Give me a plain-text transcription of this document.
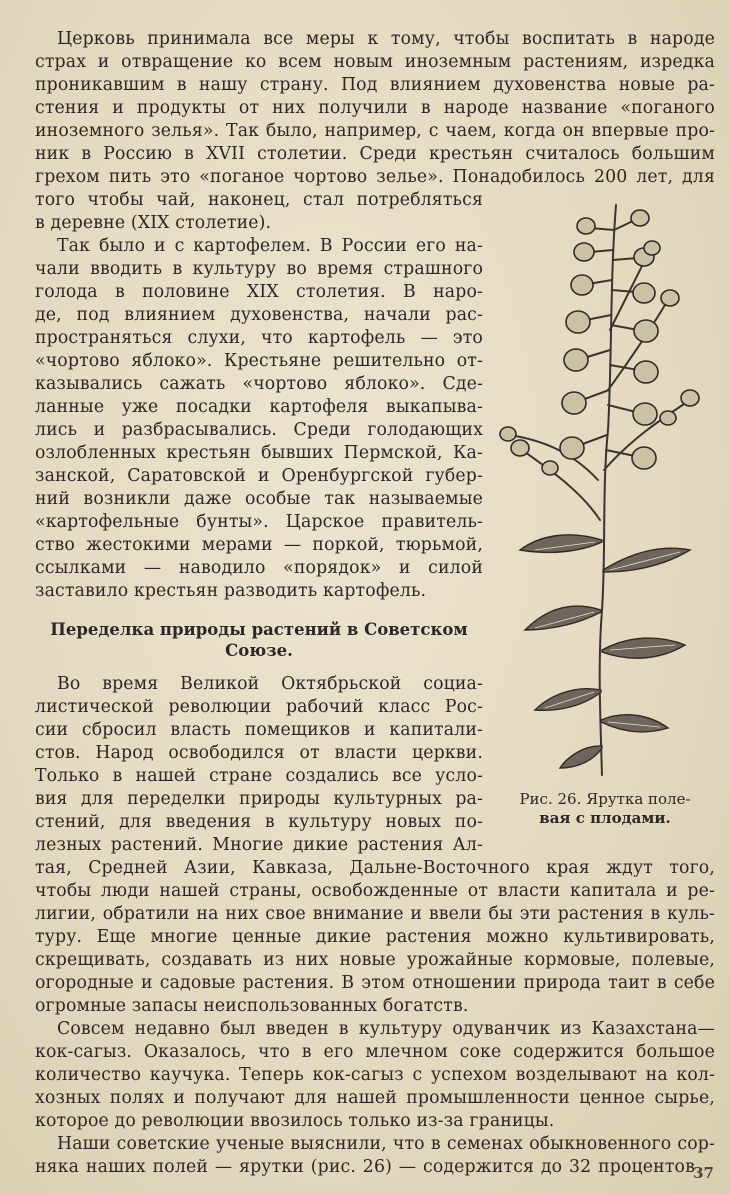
Церковь принимала все меры к тому, чтобы воспитать в народе
страх и отвращение ко всем новым иноземным растениям, изредка
проникавшим в нашу страну. Под влиянием духовенства новые ра-
стения и продукты от них получили в народе название «поганого
иноземного зелья». Так было, например, с чаем, когда он впервые про-
ник в Россию в XVII столетии. Среди крестьян считалось большим
грехом пить это «поганое чортово зелье». Понадобилось 200 лет, для
того чтобы чай, наконец, стал потребляться
в деревне (XIX столетие).
Так было и с картофелем. В России его на-
чали вводить в культуру во время страшного
голода в половине XIX столетия. В наро-
де, под влиянием духовенства, начали рас-
пространяться слухи, что картофель — это
«чортово яблоко». Крестьяне решительно от-
казывались сажать «чортово яблоко». Сде-
ланные уже посадки картофеля выкапыва-
лись и разбрасывались. Среди голодающих
озлобленных крестьян бывших Пермской, Ка-
занской, Саратовской и Оренбургской губер-
ний возникли даже особые так называемые
«картофельные бунты». Царское правитель-
ство жестокими мерами — поркой, тюрьмой,
ссылками — наводило «порядок» и силой
заставило крестьян разводить картофель.
Переделка природы растений в Советском
Союзе.
Во время Великой Октябрьской социа-
листической революции рабочий класс Рос-
сии сбросил власть помещиков и капитали-
стов. Народ освободился от власти церкви.
Только в нашей стране создались все усло-
вия для переделки природы культурных ра-
стений, для введения в культуру новых по-
лезных растений. Многие дикие растения Ал-
тая, Средней Азии, Кавказа, Дальне-Восточного края ждут того,
чтобы люди нашей страны, освобожденные от власти капитала и ре-
лигии, обратили на них свое внимание и ввели бы эти растения в куль-
туру. Еще многие ценные дикие растения можно культивировать,
скрещивать, создавать из них новые урожайные кормовые, полевые,
огородные и садовые растения. В этом отношении природа таит в себе
огромные запасы неиспользованных богатств.
Совсем недавно был введен в культуру одуванчик из Казахстана—
кок-сагыз. Оказалось, что в его млечном соке содержится большое
количество каучука. Теперь кок-сагыз с успехом возделывают на кол-
хозных полях и получают для нашей промышленности ценное сырье,
которое до революции ввозилось только из-за границы.
Наши советские ученые выяснили, что в семенах обыкновенного сор-
няка наших полей — ярутки (рис. 26) — содержится до 32 процентов
Рис. 26. Ярутка поле-
вая с плодами.
37
